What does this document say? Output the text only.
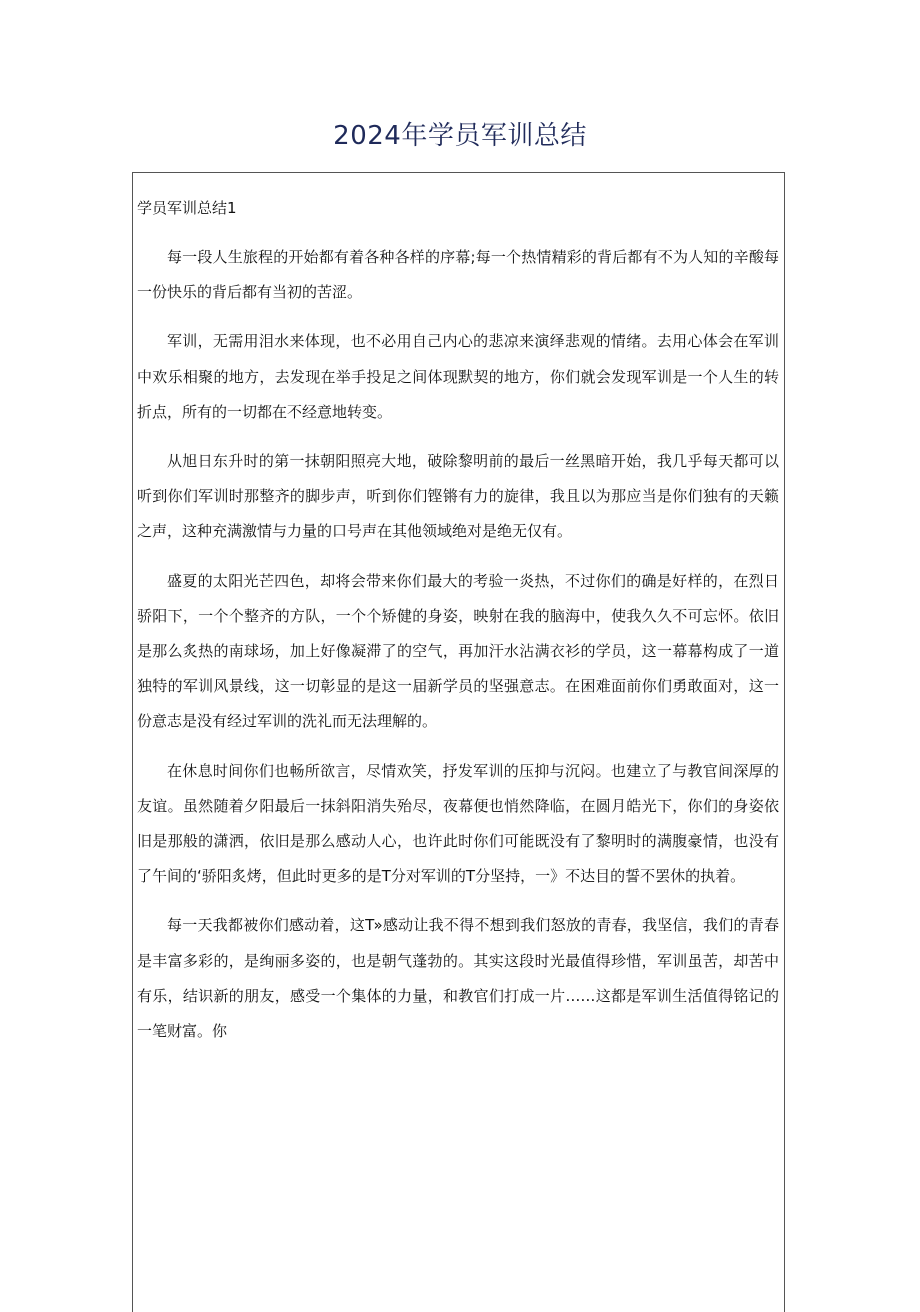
2024年学员军训总结

学员军训总结1

每一段人生旅程的开始都有着各种各样的序幕;每一个热情精彩的背后都有不为人知的辛酸每一份快乐的背后都有当初的苦涩。

军训，无需用泪水来体现，也不必用自己内心的悲凉来演绎悲观的情绪。去用心体会在军训中欢乐相聚的地方，去发现在举手投足之间体现默契的地方，你们就会发现军训是一个人生的转折点，所有的一切都在不经意地转变。

从旭日东升时的第一抹朝阳照亮大地，破除黎明前的最后一丝黑暗开始，我几乎每天都可以听到你们军训时那整齐的脚步声，听到你们铿锵有力的旋律，我且以为那应当是你们独有的天籁之声，这种充满激情与力量的口号声在其他领域绝对是绝无仅有。

盛夏的太阳光芒四色，却将会带来你们最大的考验一炎热，不过你们的确是好样的，在烈日骄阳下，一个个整齐的方队，一个个矫健的身姿，映射在我的脑海中，使我久久不可忘怀。依旧是那么炙热的南球场，加上好像凝滞了的空气，再加汗水沾满衣衫的学员，这一幕幕构成了一道独特的军训风景线，这一切彰显的是这一届新学员的坚强意志。在困难面前你们勇敢面对，这一份意志是没有经过军训的洗礼而无法理解的。

在休息时间你们也畅所欲言，尽情欢笑，抒发军训的压抑与沉闷。也建立了与教官间深厚的友谊。虽然随着夕阳最后一抹斜阳消失殆尽，夜幕便也悄然降临，在圆月皓光下，你们的身姿依旧是那般的潇洒，依旧是那么感动人心，也许此时你们可能既没有了黎明时的满腹豪情，也没有了午间的‘骄阳炙烤，但此时更多的是T分对军训的T分坚持，一》不达目的誓不罢休的执着。

每一天我都被你们感动着，这T»感动让我不得不想到我们怒放的青春，我坚信，我们的青春是丰富多彩的，是绚丽多姿的，也是朝气蓬勃的。其实这段时光最值得珍惜，军训虽苦，却苦中有乐，结识新的朋友，感受一个集体的力量，和教官们打成一片……这都是军训生活值得铭记的一笔财富。你
